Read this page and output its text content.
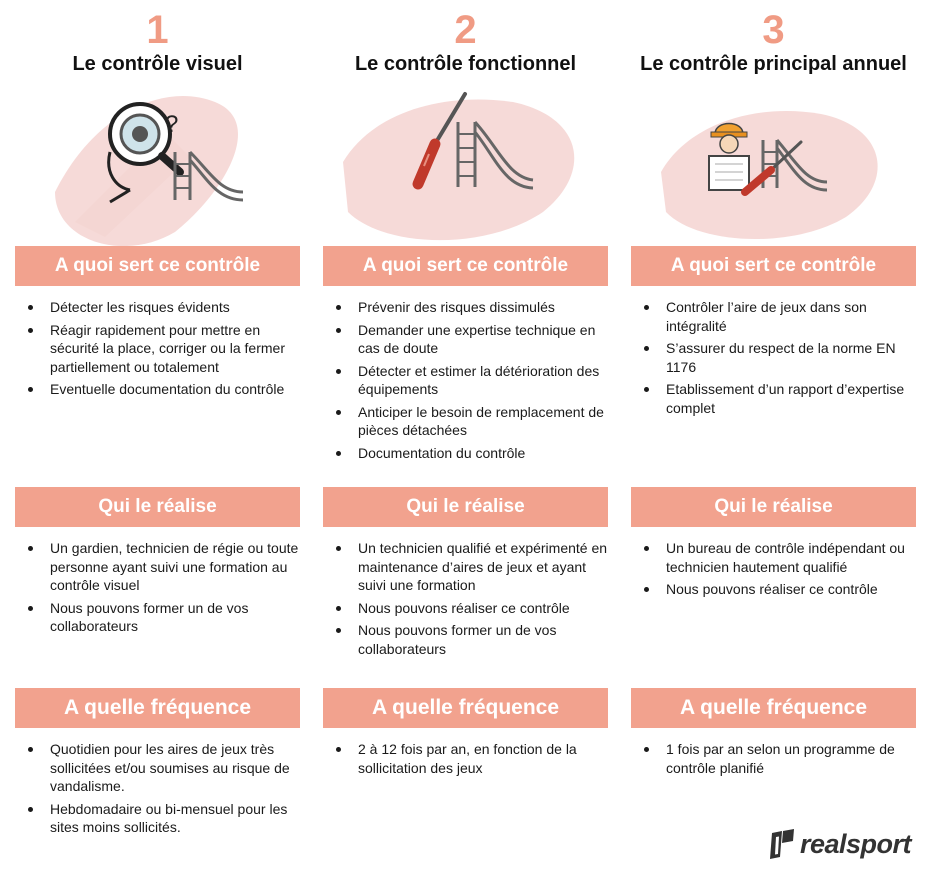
1
Le contrôle visuel
?
A quoi sert ce contrôle
Détecter les risques évidents
Réagir rapidement pour mettre en sécurité la place, corriger ou la fermer partiellement ou totalement
Eventuelle documentation du contrôle
Qui le réalise
Un gardien, technicien de régie ou toute personne ayant suivi une formation au contrôle visuel
Nous pouvons former un de vos collaborateurs
A quelle fréquence
Quotidien pour les aires de jeux très sollicitées et/ou soumises au risque de vandalisme.
Hebdomadaire ou bi-mensuel pour les sites moins sollicités.
2
Le contrôle fonctionnel
A quoi sert ce contrôle
Prévenir des risques dissimulés
Demander une expertise technique en cas de doute
Détecter et estimer la détérioration des équipements
Anticiper le besoin de remplacement de pièces détachées
Documentation du contrôle
Qui le réalise
Un technicien qualifié et expérimenté en maintenance d’aires de jeux et ayant suivi une formation
Nous pouvons réaliser ce contrôle
Nous pouvons former un de vos collaborateurs
A quelle fréquence
2 à 12 fois par an, en fonction de la sollicitation des jeux
3
Le contrôle principal annuel
A quoi sert ce contrôle
Contrôler l’aire de jeux dans son intégralité
S’assurer du respect de la norme EN 1176
Etablissement d’un rapport d’expertise complet
Qui le réalise
Un bureau de contrôle indépendant ou technicien hautement qualifié
Nous pouvons réaliser ce contrôle
A quelle fréquence
1 fois par an selon un programme de contrôle planifié
realsport
